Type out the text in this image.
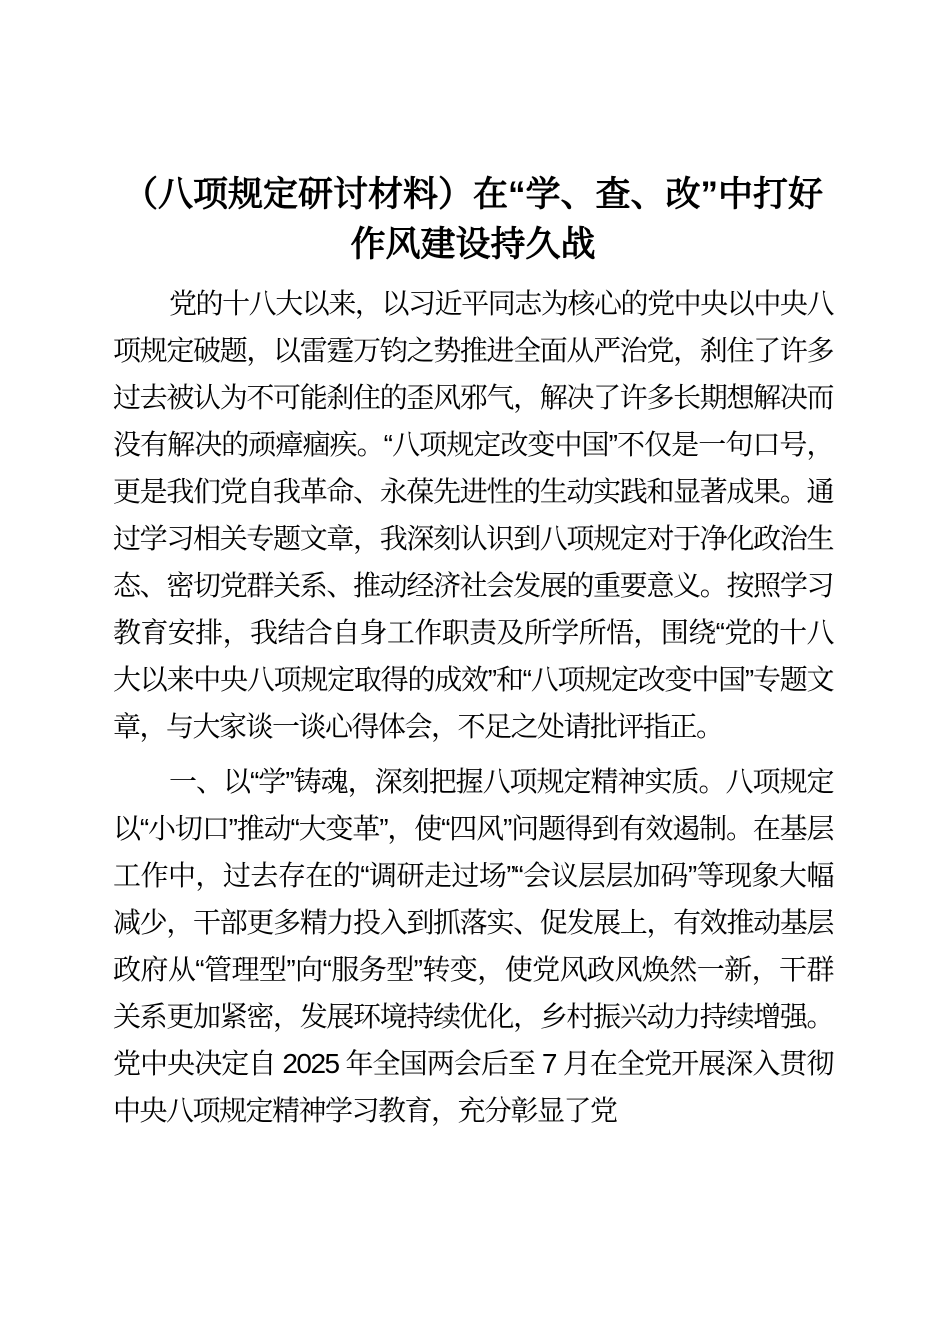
（八项规定研讨材料）在“学、查、改”中打好作风建设持久战

党的十八大以来，以习近平同志为核心的党中央以中央八项规定破题，以雷霆万钧之势推进全面从严治党，刹住了许多过去被认为不可能刹住的歪风邪气，解决了许多长期想解决而没有解决的顽瘴痼疾。“八项规定改变中国”不仅是一句口号，更是我们党自我革命、永葆先进性的生动实践和显著成果。通过学习相关专题文章，我深刻认识到八项规定对于净化政治生态、密切党群关系、推动经济社会发展的重要意义。按照学习教育安排，我结合自身工作职责及所学所悟，围绕“党的十八大以来中央八项规定取得的成效”和“八项规定改变中国”专题文章，与大家谈一谈心得体会，不足之处请批评指正。

一、以“学”铸魂，深刻把握八项规定精神实质。八项规定以“小切口”推动“大变革”，使“四风”问题得到有效遏制。在基层工作中，过去存在的“调研走过场”“会议层层加码”等现象大幅减少，干部更多精力投入到抓落实、促发展上，有效推动基层政府从“管理型”向“服务型”转变，使党风政风焕然一新，干群关系更加紧密，发展环境持续优化，乡村振兴动力持续增强。党中央决定自 2025 年全国两会后至 7 月在全党开展深入贯彻中央八项规定精神学习教育，充分彰显了党
